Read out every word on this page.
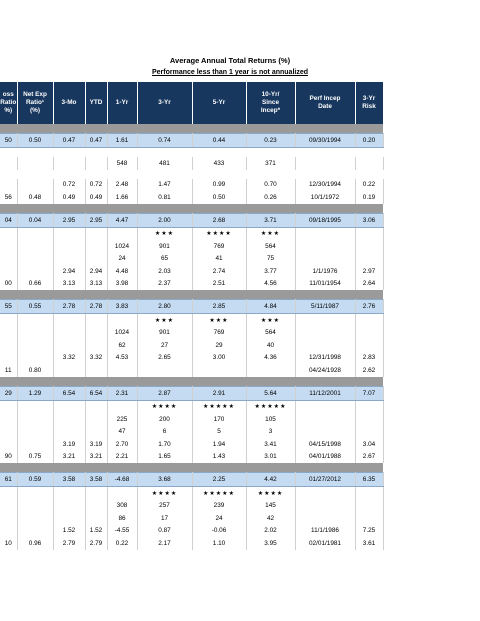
Average Annual Total Returns (%)
Performance less than 1 year is not annualized
oss
Ratio
%)	Net Exp
Ratio¹
(%)	3-Mo	YTD	1-Yr	3-Yr	5-Yr	10-Yr/
Since
Incep*	Perf Incep
Date	3-Yr
Risk

50	0.50	0.47	0.47	1.61	0.74	0.44	0.23	09/30/1994	0.20

				548	481	433	371		

		0.72	0.72	2.48	1.47	0.99	0.70	12/30/1994	0.22
56	0.48	0.49	0.49	1.66	0.81	0.50	0.26	10/1/1972	0.19

04	0.04	2.95	2.95	4.47	2.00	2.68	3.71	09/18/1995	3.06
					★★★	★★★★	★★★		
				1024	901	769	564		
				24	65	41	75		
		2.94	2.94	4.48	2.03	2.74	3.77	1/1/1976	2.97
00	0.66	3.13	3.13	3.98	2.37	2.51	4.56	11/01/1954	2.64

55	0.55	2.78	2.78	3.83	2.80	2.85	4.84	5/11/1987	2.76
					★★★	★★★	★★★		
				1024	901	769	564		
				62	27	29	40		
		3.32	3.32	4.53	2.65	3.00	4.36	12/31/1998	2.83
11	0.80							04/24/1928	2.62

29	1.29	6.54	6.54	2.31	2.87	2.91	5.64	11/12/2001	7.07
					★★★★	★★★★★	★★★★★		
				225	200	170	105		
				47	6	5	3		
		3.19	3.19	2.70	1.70	1.94	3.41	04/15/1998	3.04
90	0.75	3.21	3.21	2.21	1.65	1.43	3.01	04/01/1988	2.67

61	0.59	3.58	3.58	-4.68	3.68	2.25	4.42	01/27/2012	6.35
					★★★★	★★★★★	★★★★		
				308	257	239	145		
				86	17	24	42		
		1.52	1.52	-4.55	0.87	-0.06	2.02	11/1/1986	7.25
10	0.96	2.79	2.79	0.22	2.17	1.10	3.95	02/01/1981	3.61
